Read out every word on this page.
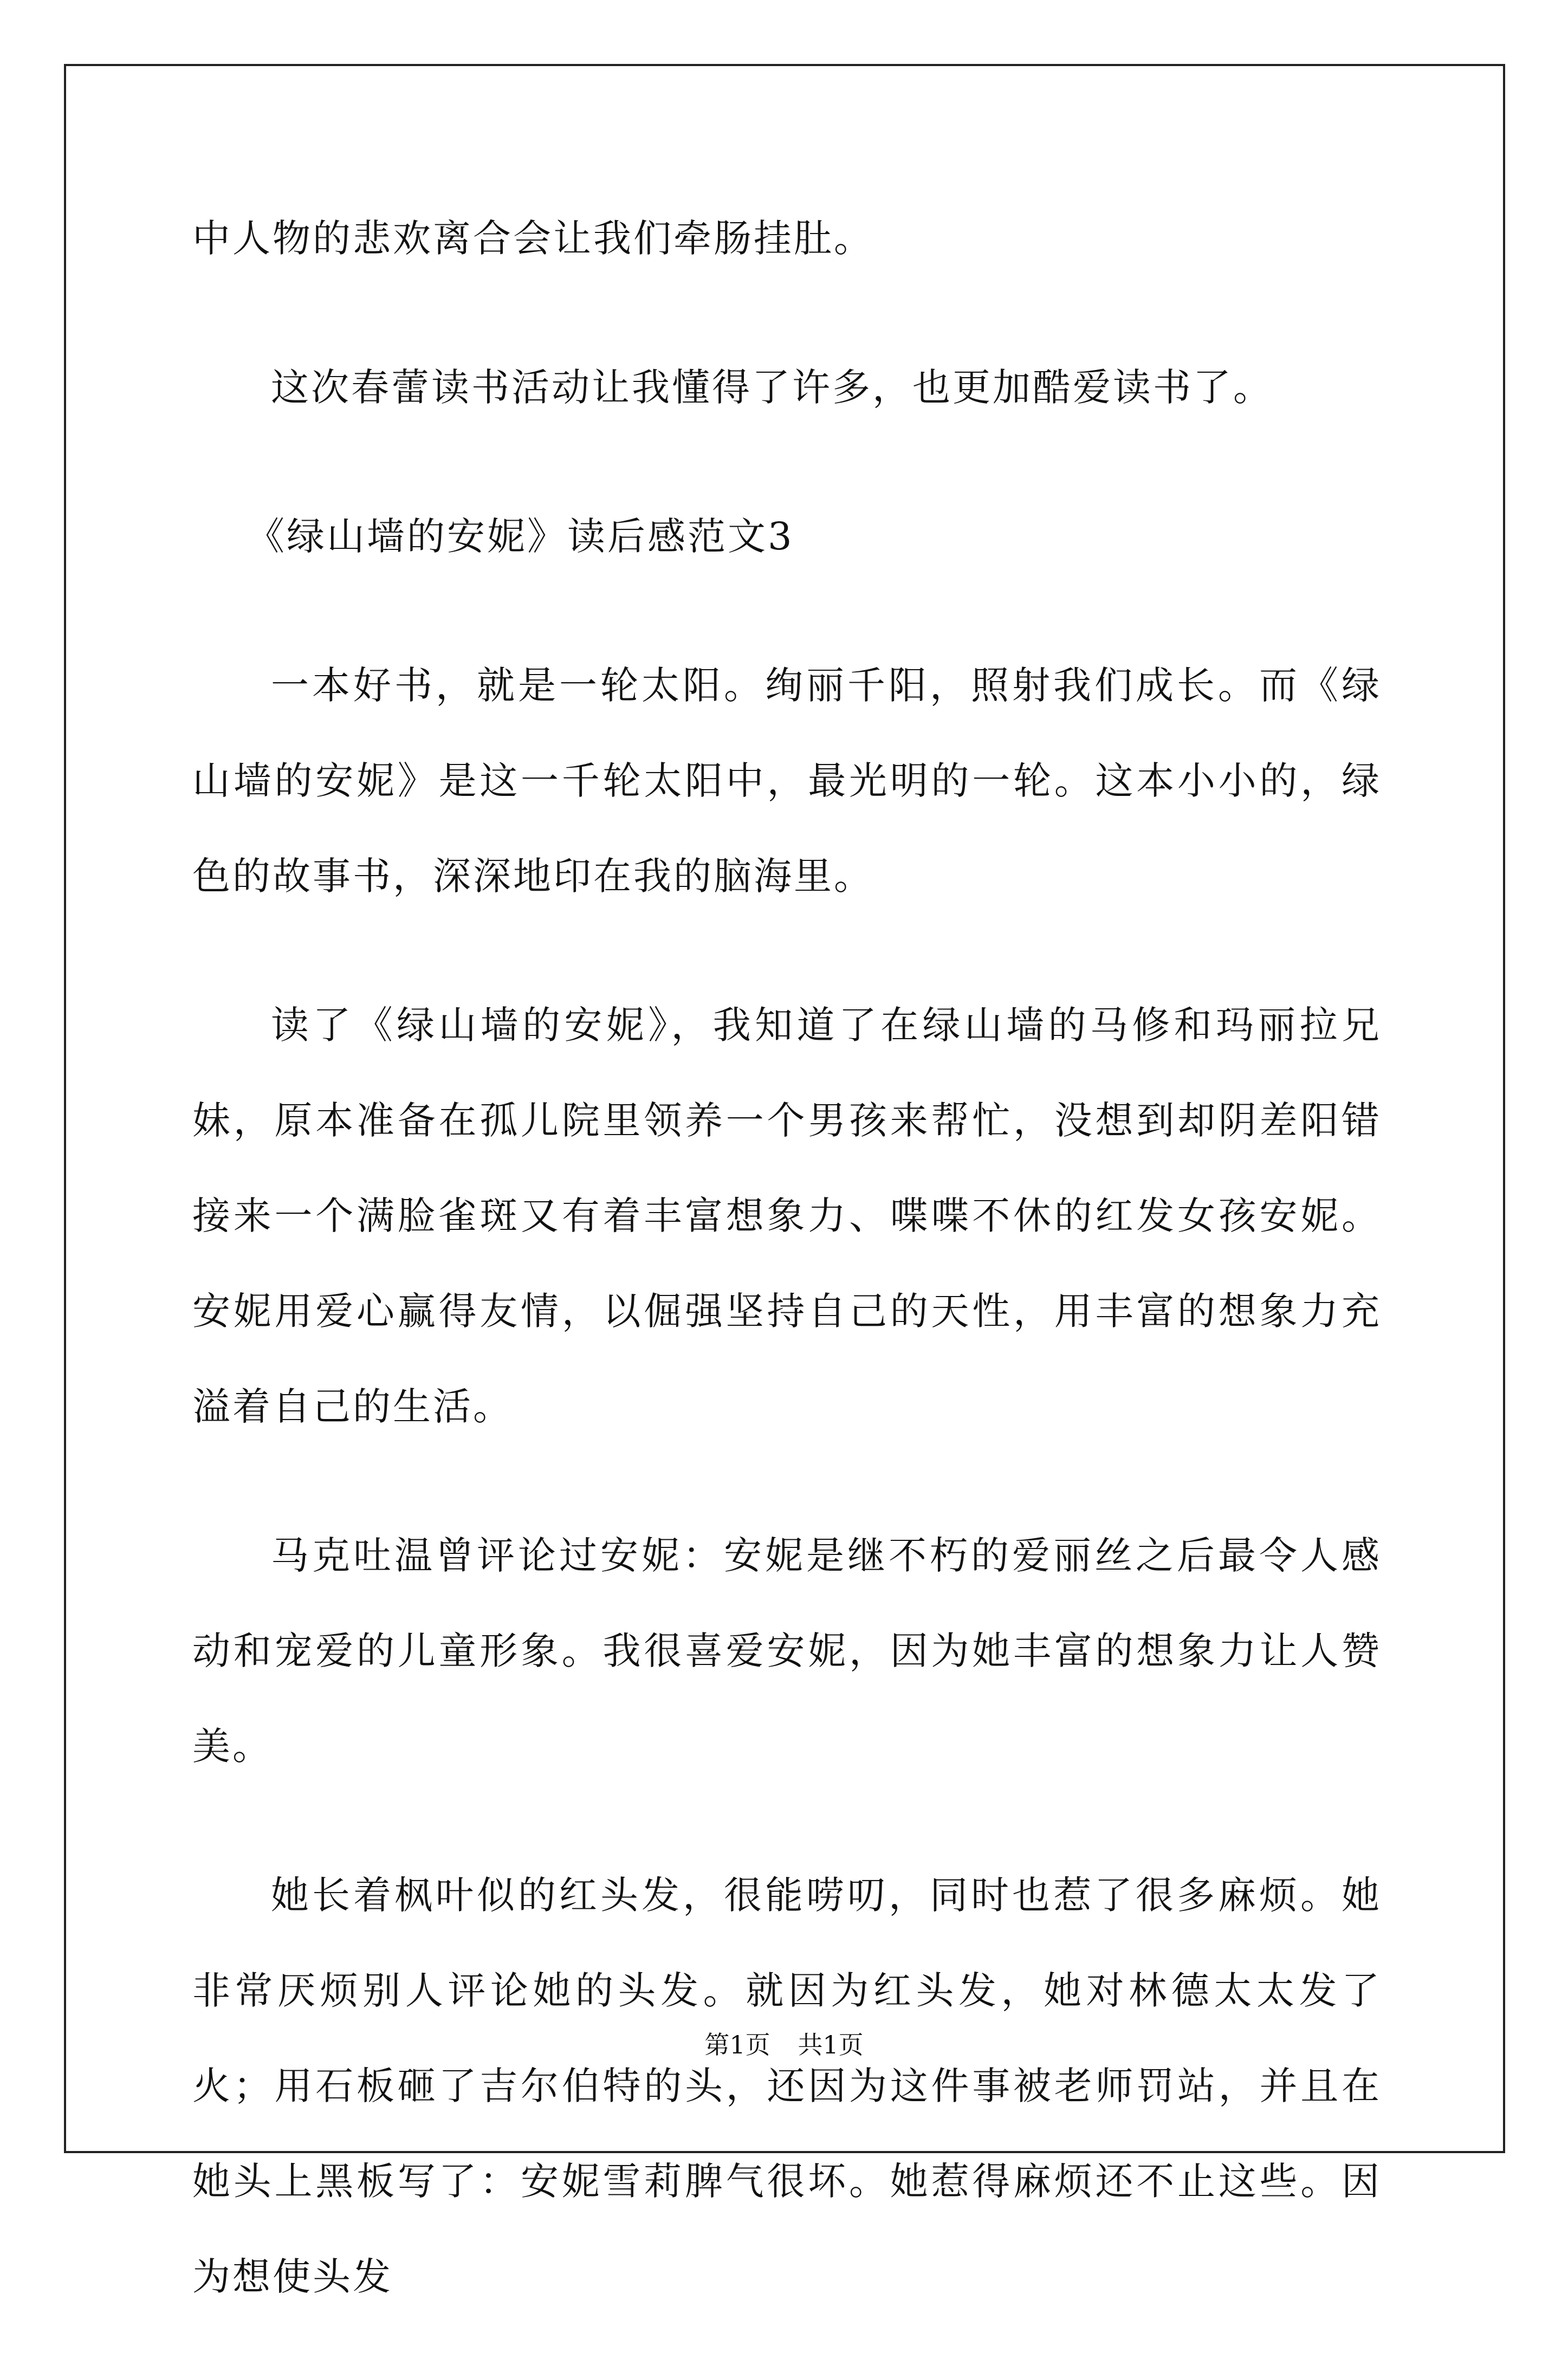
中人物的悲欢离合会让我们牵肠挂肚。

这次春蕾读书活动让我懂得了许多，也更加酷爱读书了。

《绿山墙的安妮》读后感范文3

一本好书，就是一轮太阳。绚丽千阳，照射我们成长。而《绿山墙的安妮》是这一千轮太阳中，最光明的一轮。这本小小的，绿色的故事书，深深地印在我的脑海里。

读了《绿山墙的安妮》，我知道了在绿山墙的马修和玛丽拉兄妹，原本准备在孤儿院里领养一个男孩来帮忙，没想到却阴差阳错接来一个满脸雀斑又有着丰富想象力、喋喋不休的红发女孩安妮。安妮用爱心赢得友情，以倔强坚持自己的天性，用丰富的想象力充溢着自己的生活。

马克吐温曾评论过安妮：安妮是继不朽的爱丽丝之后最令人感动和宠爱的儿童形象。我很喜爱安妮，因为她丰富的想象力让人赞美。

她长着枫叶似的红头发，很能唠叨，同时也惹了很多麻烦。她非常厌烦别人评论她的头发。就因为红头发，她对林德太太发了火；用石板砸了吉尔伯特的头，还因为这件事被老师罚站，并且在她头上黑板写了：安妮雪莉脾气很坏。她惹得麻烦还不止这些。因为想使头发

第1页 共1页
